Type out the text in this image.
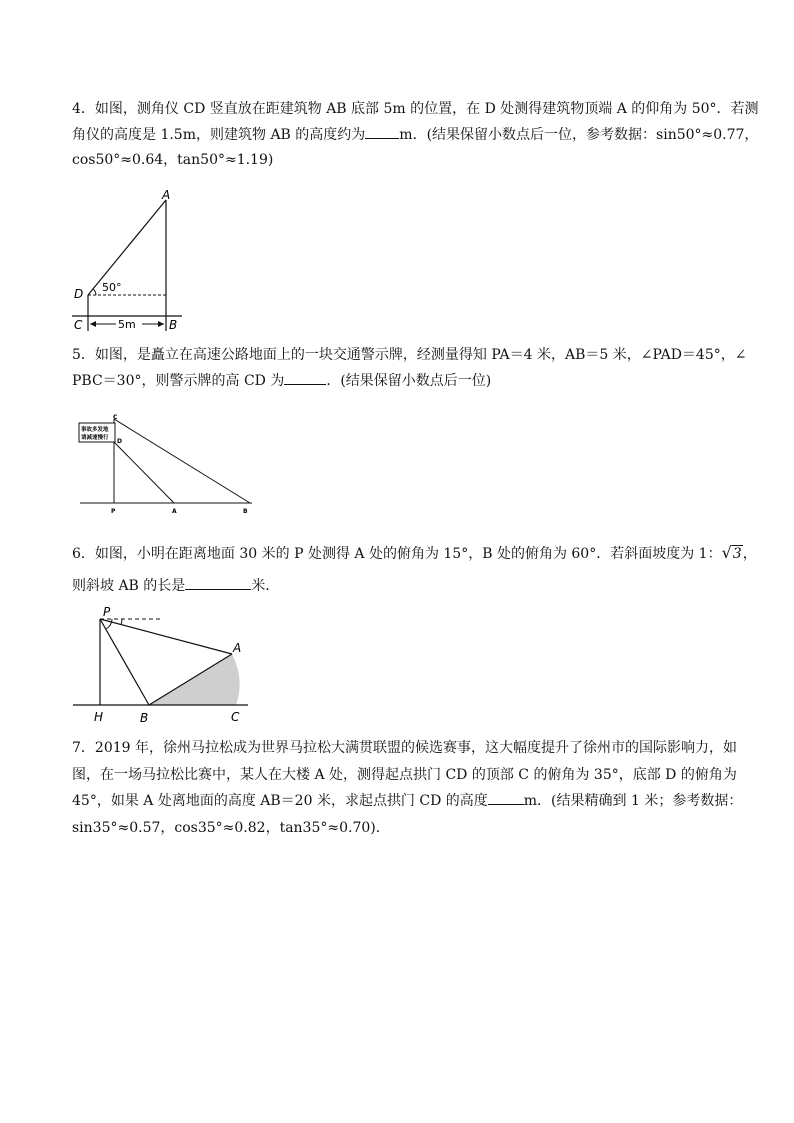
4．如图，测角仪 CD 竖直放在距建筑物 AB 底部 5m 的位置，在 D 处测得建筑物顶端 A 的仰角为 50°．若测
角仪的高度是 1.5m，则建筑物 AB 的高度约为 m．(结果保留小数点后一位，参考数据：sin50°≈0.77，
cos50°≈0.64，tan50°≈1.19)
A
D
C	B
50°
5m
5．如图，是矗立在高速公路地面上的一块交通警示牌，经测量得知 PA＝4 米，AB＝5 米，∠PAD＝45°，∠
PBC＝30°，则警示牌的高 CD 为	．(结果保留小数点后一位)
事故多发地
请减速慢行
C
D
P	A	B
6．如图，小明在距离地面 30 米的 P 处测得 A 处的俯角为 15°，B 处的俯角为 60°．若斜面坡度为 1：√3，
则斜坡 AB 的长是	米．
P
A
H	B	C
7．2019 年，徐州马拉松成为世界马拉松大满贯联盟的候选赛事，这大幅度提升了徐州市的国际影响力，如
图，在一场马拉松比赛中，某人在大楼 A 处，测得起点拱门 CD 的顶部 C 的俯角为 35°，底部 D 的俯角为
45°，如果 A 处离地面的高度 AB＝20 米，求起点拱门 CD 的高度	m．(结果精确到 1 米；参考数据：
sin35°≈0.57，cos35°≈0.82，tan35°≈0.70)．
